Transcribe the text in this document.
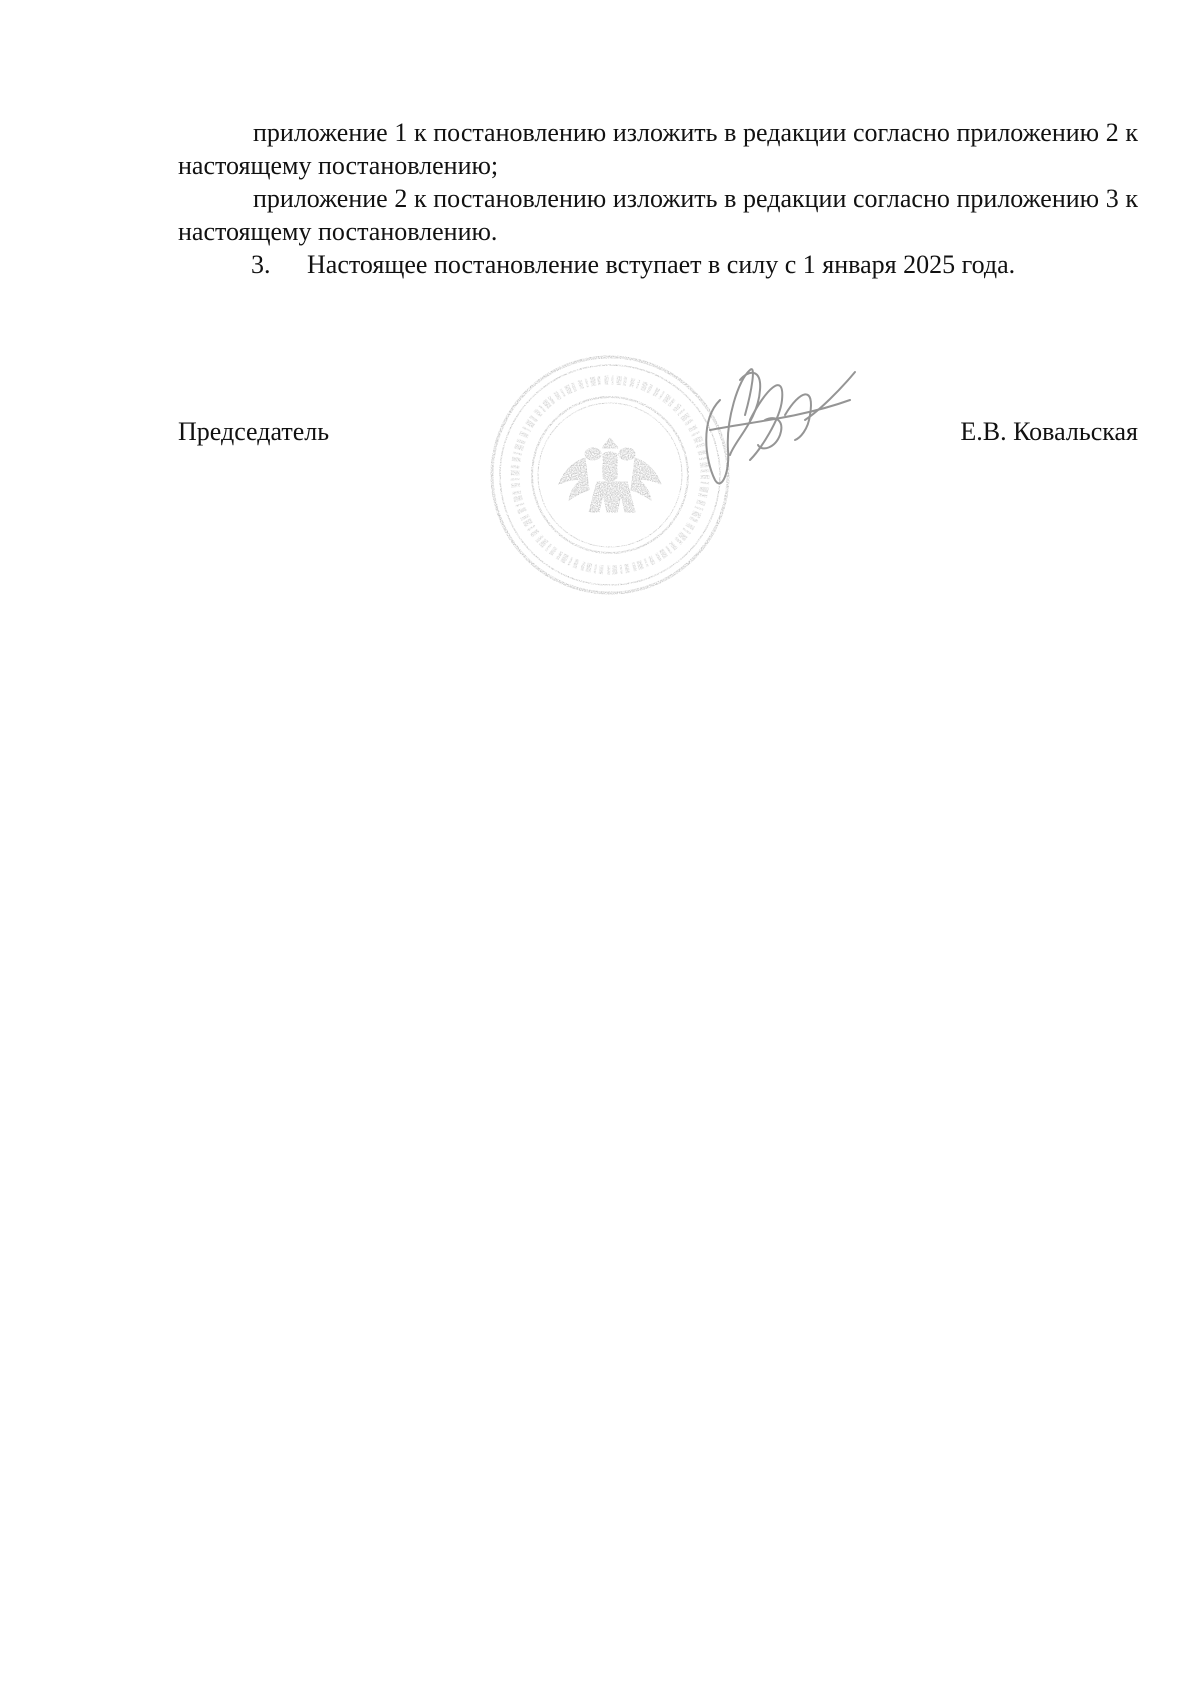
приложение 1 к постановлению изложить в редакции согласно приложению 2 к настоящему постановлению;

приложение 2 к постановлению изложить в редакции согласно приложению 3 к настоящему постановлению.

3. Настоящее постановление вступает в силу с 1 января 2025 года.

Председатель	Е.В. Ковальская
